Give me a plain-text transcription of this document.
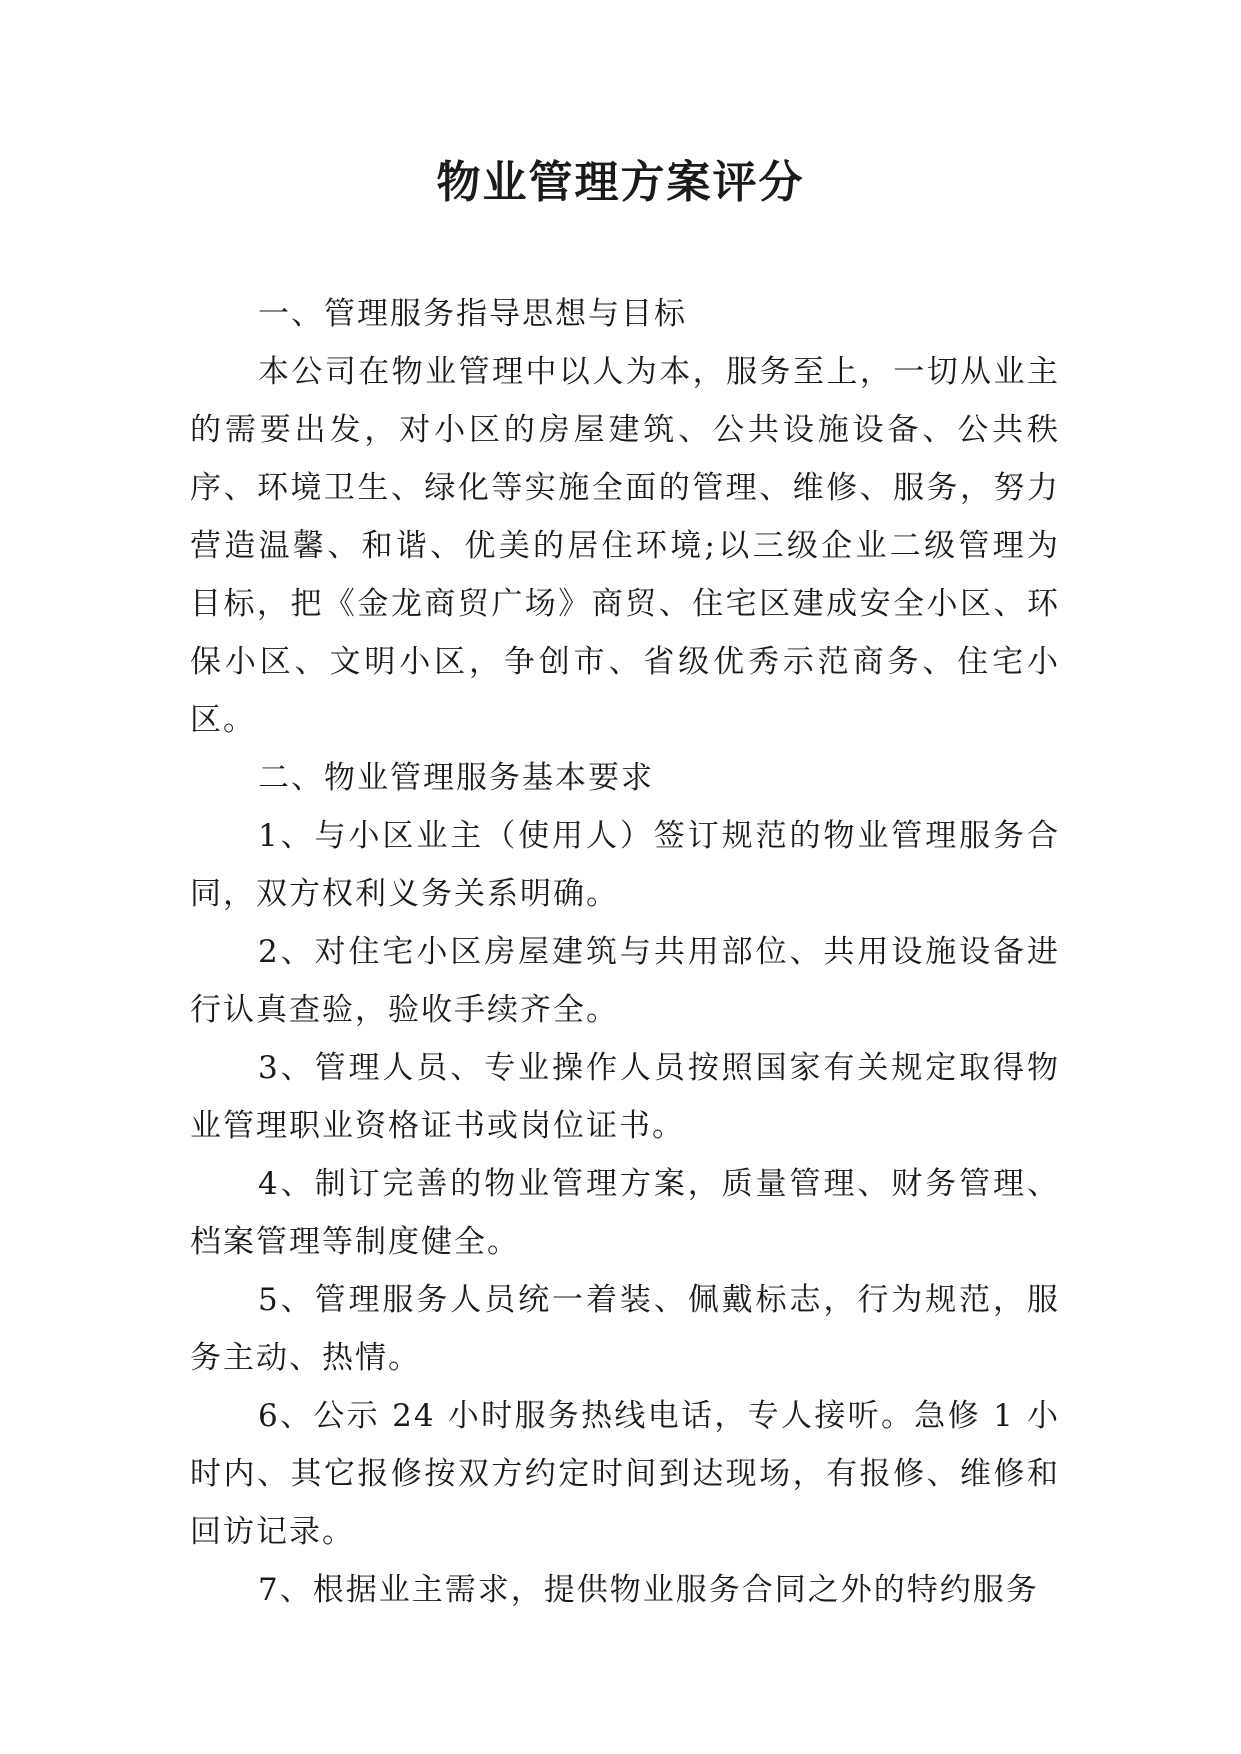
物业管理方案评分

一、管理服务指导思想与目标

本公司在物业管理中以人为本，服务至上，一切从业主的需要出发，对小区的房屋建筑、公共设施设备、公共秩序、环境卫生、绿化等实施全面的管理、维修、服务，努力营造温馨、和谐、优美的居住环境;以三级企业二级管理为目标，把《金龙商贸广场》商贸、住宅区建成安全小区、环保小区、文明小区，争创市、省级优秀示范商务、住宅小区。

二、物业管理服务基本要求

1、与小区业主（使用人）签订规范的物业管理服务合同，双方权利义务关系明确。

2、对住宅小区房屋建筑与共用部位、共用设施设备进行认真查验，验收手续齐全。

3、管理人员、专业操作人员按照国家有关规定取得物业管理职业资格证书或岗位证书。

4、制订完善的物业管理方案，质量管理、财务管理、档案管理等制度健全。

5、管理服务人员统一着装、佩戴标志，行为规范，服务主动、热情。

6、公示 24 小时服务热线电话，专人接听。急修 1 小时内、其它报修按双方约定时间到达现场，有报修、维修和回访记录。

7、根据业主需求，提供物业服务合同之外的特约服务
